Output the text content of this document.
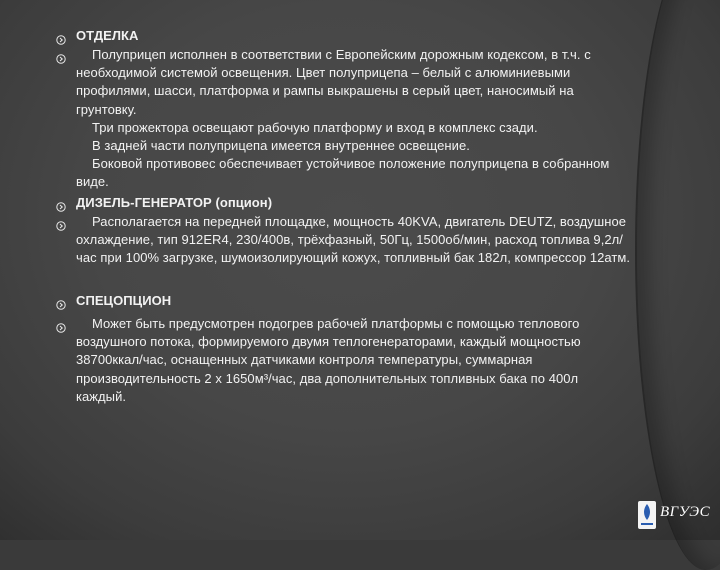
ОТДЕЛКА
Полуприцеп исполнен в соответствии с Европейским дорожным кодексом, в т.ч. с необходимой системой освещения. Цвет полуприцепа – белый с алюминиевыми профилями, шасси, платформа и рампы выкрашены в серый цвет, наносимый на грунтовку.
Три прожектора освещают рабочую платформу и вход в комплекс сзади.
В задней части полуприцепа имеется внутреннее освещение.
Боковой противовес обеспечивает устойчивое положение полуприцепа в собранном виде.
ДИЗЕЛЬ-ГЕНЕРАТОР (опцион)
Располагается на передней площадке, мощность 40KVA, двигатель DEUTZ, воздушное охлаждение, тип 912ER4, 230/400в, трёхфазный, 50Гц, 1500об/мин, расход топлива 9,2л/час при 100% загрузке, шумоизолирующий кожух, топливный бак 182л, компрессор 12атм.
СПЕЦОПЦИОН
Может быть предусмотрен подогрев рабочей платформы с помощью теплового воздушного потока, формируемого двумя теплогенераторами, каждый мощностью 38700ккал/час, оснащенных датчиками контроля температуры, суммарная производительность 2 х 1650м³/час, два дополнительных топливных бака по 400л каждый.
ВГУЭС
